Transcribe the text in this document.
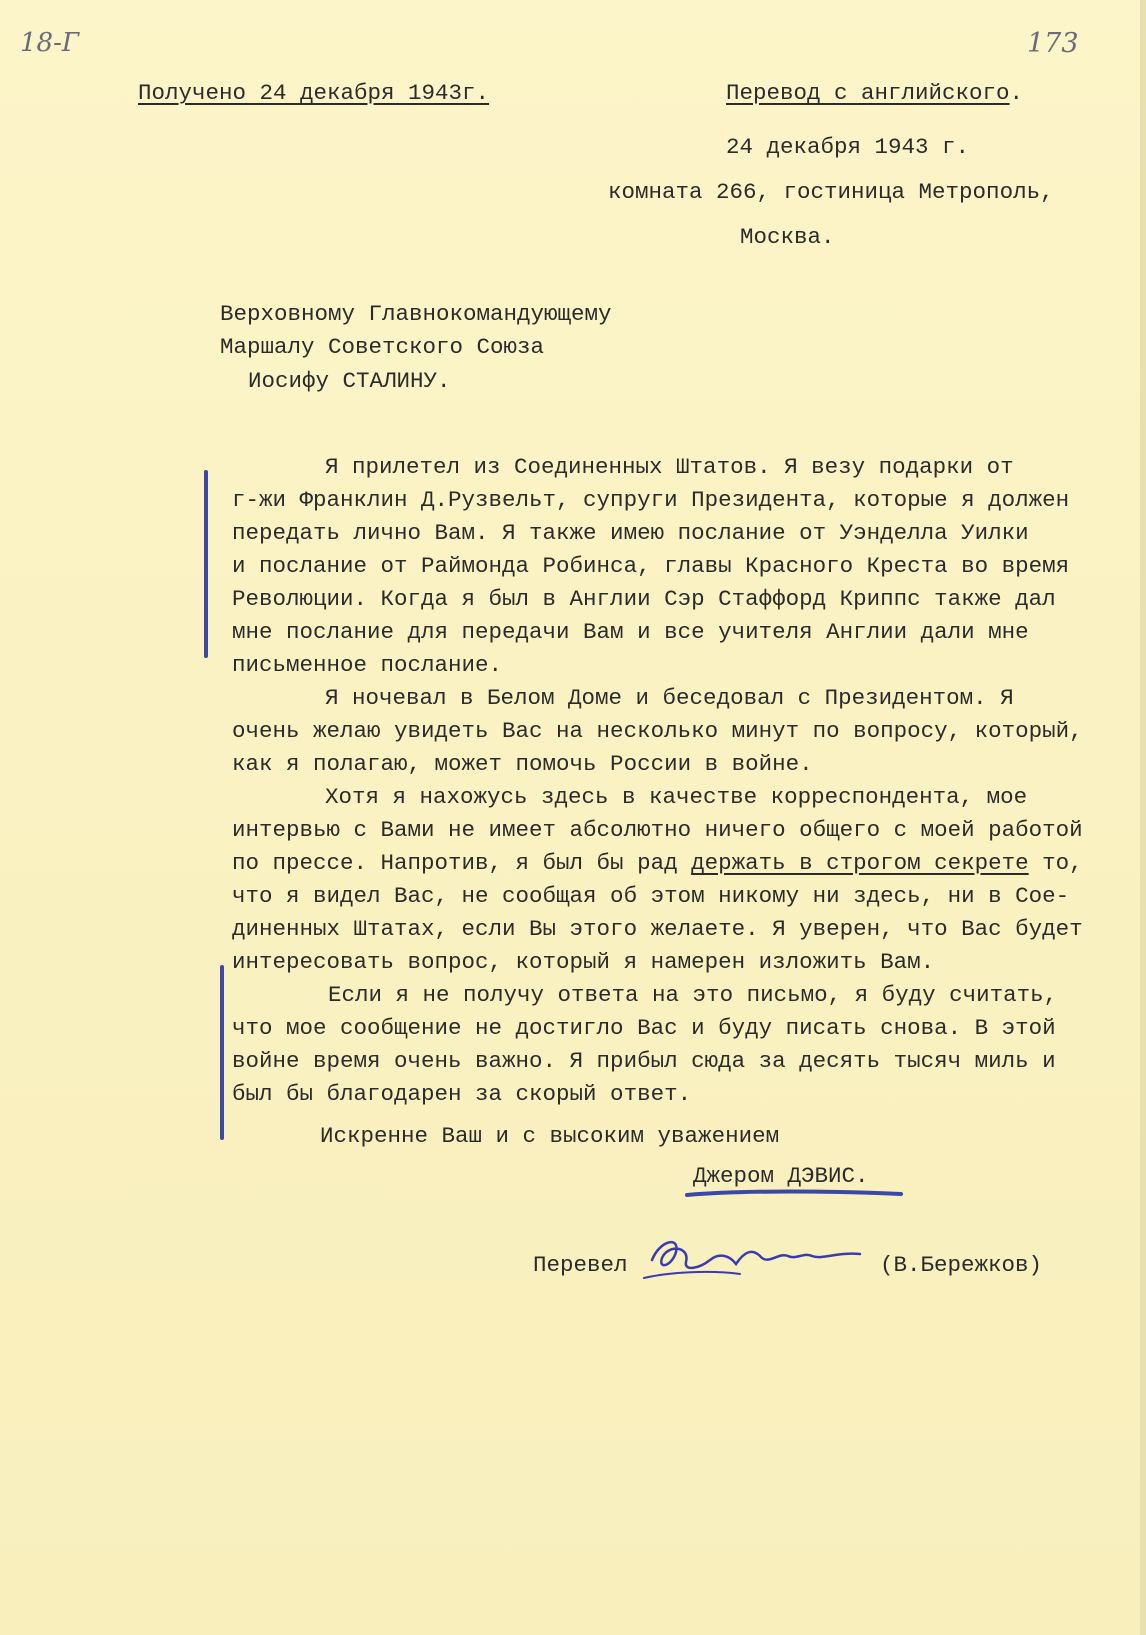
18-Г	173
Получено 24 декабря 1943г.	Перевод с английского.
24 декабря 1943 г.
комната 266, гостиница Метрополь,
Москва.
Верховному Главнокомандующему
Маршалу Советского Союза
Иосифу СТАЛИНУ.
Я прилетел из Соединенных Штатов. Я везу подарки от
г-жи Франклин Д.Рузвельт, супруги Президента, которые я должен
передать лично Вам. Я также имею послание от Уэнделла Уилки
и послание от Раймонда Робинса, главы Красного Креста во время
Революции. Когда я был в Англии Сэр Стаффорд Криппс также дал
мне послание для передачи Вам и все учителя Англии дали мне
письменное послание.
Я ночевал в Белом Доме и беседовал с Президентом. Я
очень желаю увидеть Вас на несколько минут по вопросу, который,
как я полагаю, может помочь России в войне.
Хотя я нахожусь здесь в качестве корреспондента, мое
интервью с Вами не имеет абсолютно ничего общего с моей работой
по прессе. Напротив, я был бы рад держать в строгом секрете то,
что я видел Вас, не сообщая об этом никому ни здесь, ни в Сое-
диненных Штатах, если Вы этого желаете. Я уверен, что Вас будет
интересовать вопрос, который я намерен изложить Вам.
Если я не получу ответа на это письмо, я буду считать,
что мое сообщение не достигло Вас и буду писать снова. В этой
войне время очень важно. Я прибыл сюда за десять тысяч миль и
был бы благодарен за скорый ответ.
Искренне Ваш и с высоким уважением
Джером ДЭВИС.
Перевел	(В.Бережков)
